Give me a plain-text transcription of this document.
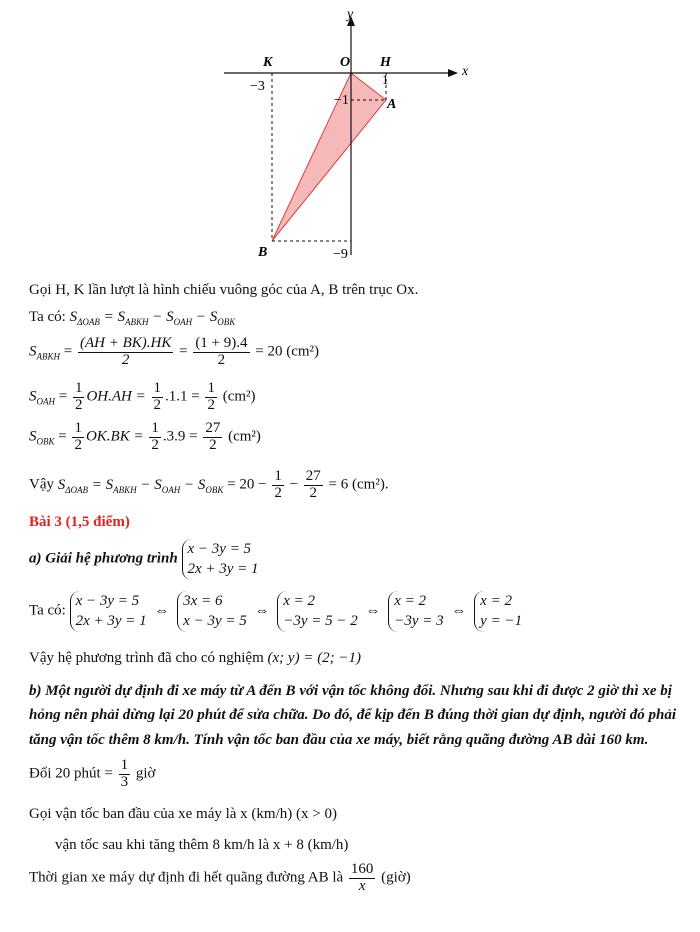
y
x
O
K	H
A
B
−3	1
−1
−9
Gọi H, K lần lượt là hình chiếu vuông góc của A, B trên trục Ox.
Ta có: $S_{\Delta OAB} = S_{ABKH} - S_{OAH} - S_{OBK}$
$S_{ABKH} = \frac{(AH + BK).HK}{2} = \frac{(1 + 9).4}{2} = 20$ (cm²)
$S_{OAH} = \frac{1}{2} OH.AH = \frac{1}{2} .1.1 = \frac{1}{2} (cm^2)$
$S_{OBK} = \frac{1}{2} OK.BK = \frac{1}{2} .3.9 = \frac{27}{2} (cm^2)$
Vậy $S_{\Delta OAB} = S_{ABKH} - S_{OAH} - S_{OBK} = 20 - \frac{1}{2} - \frac{27}{2} = 6$ (cm²).
Bài 3 (1,5 điểm)
a) Giải hệ phương trình x − 3y = 5
2x + 3y = 1
Ta có: x − 3y = 5
2x + 3y = 1 ⇔ 3x = 6
x − 3y = 5 ⇔ x = 2
−3y = 5 − 2 ⇔ x = 2
−3y = 3 ⇔ x = 2
y = −1
Vậy hệ phương trình đã cho có nghiệm (x; y) = (2; −1)
b) Một người dự định đi xe máy từ A đến B với vận tốc không đổi. Nhưng sau khi đi được 2 giờ thì xe bị
hỏng nên phải dừng lại 20 phút để sửa chữa. Do đó, để kịp đến B đúng thời gian dự định, người đó phải
tăng vận tốc thêm 8 km/h. Tính vận tốc ban đầu của xe máy, biết rằng quãng đường AB dài 160 km.
Đổi 20 phút = $\frac{1}{3}$ giờ
Gọi vận tốc ban đầu của xe máy là x (km/h) (x > 0)
vận tốc sau khi tăng thêm 8 km/h là x + 8 (km/h)
Thời gian xe máy dự định đi hết quãng đường AB là $\frac{160}{x}$ (giờ)
